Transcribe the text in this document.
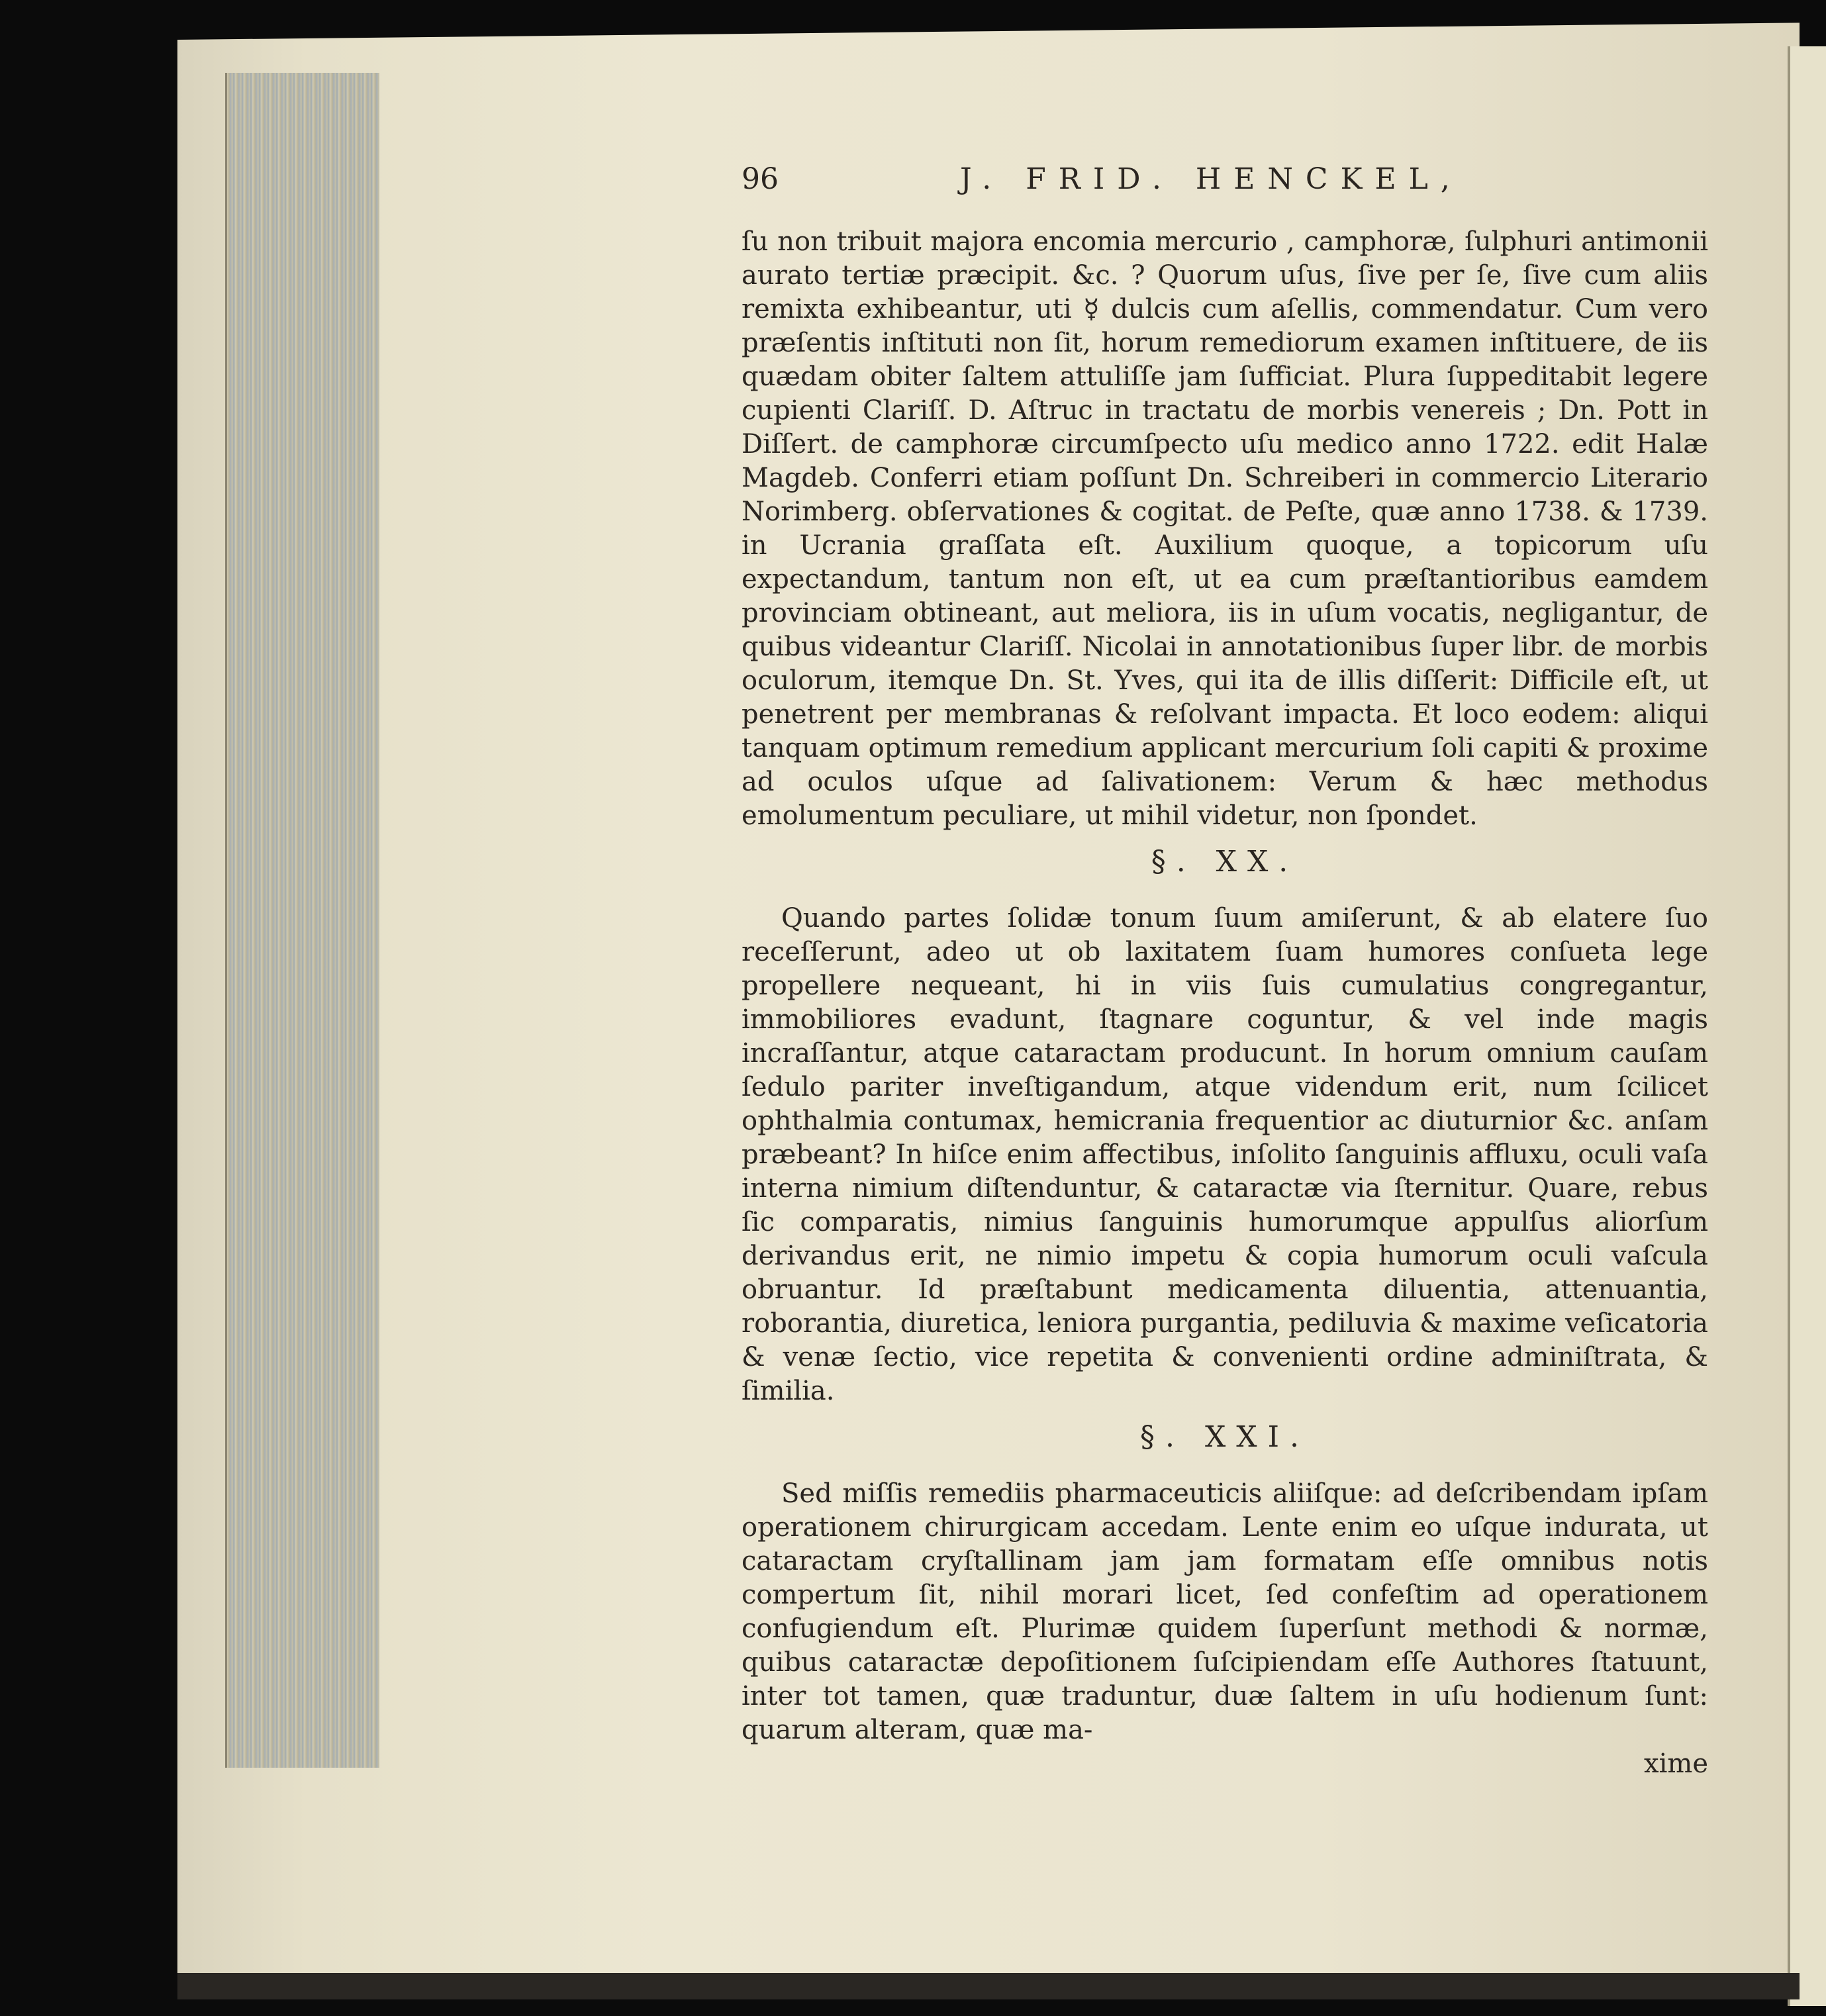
96	J. FRID. HENCKEL,

ſu non tribuit majora encomia mercurio , camphoræ, ſulphuri antimonii aurato tertiæ præcipit. &c. ? Quorum uſus, ſive per ſe, ſive cum aliis remixta exhibeantur, uti ☿ dulcis cum aſellis, commendatur. Cum vero præſentis inſtituti non ſit, horum remediorum examen inſtituere, de iis quædam obiter ſaltem attuliſſe jam ſufficiat. Plura ſuppeditabit legere cupienti Clariſſ. D. Aſtruc in tractatu de morbis venereis ; Dn. Pott in Diſſert. de camphoræ circumſpecto uſu medico anno 1722. edit Halæ Magdeb. Conferri etiam poſſunt Dn. Schreiberi in commercio Literario Norimberg. obſervationes & cogitat. de Peſte, quæ anno 1738. & 1739. in Ucrania graſſata eſt. Auxilium quoque, a topicorum uſu expectandum, tantum non eſt, ut ea cum præſtantioribus eamdem provinciam obtineant, aut meliora, iis in uſum vocatis, negligantur, de quibus videantur Clariſſ. Nicolai in annotationibus ſuper libr. de morbis oculorum, itemque Dn. St. Yves, qui ita de illis diſſerit: Difficile eſt, ut penetrent per membranas & reſolvant impacta. Et loco eodem: aliqui tanquam optimum remedium applicant mercurium ſoli capiti & proxime ad oculos uſque ad ſalivationem: Verum & hæc methodus emolumentum peculiare, ut mihil videtur, non ſpondet.

§. XX.

Quando partes ſolidæ tonum ſuum amiſerunt, & ab elatere ſuo receſſerunt, adeo ut ob laxitatem ſuam humores conſueta lege propellere nequeant, hi in viis ſuis cumulatius congregantur, immobiliores evadunt, ſtagnare coguntur, & vel inde magis incraſſantur, atque cataractam producunt. In horum omnium cauſam ſedulo pariter inveſtigandum, atque videndum erit, num ſcilicet ophthalmia contumax, hemicrania frequentior ac diuturnior &c. anſam præbeant? In hiſce enim affectibus, inſolito ſanguinis affluxu, oculi vaſa interna nimium diſtenduntur, & cataractæ via ſternitur. Quare, rebus ſic comparatis, nimius ſanguinis humorumque appulſus aliorſum derivandus erit, ne nimio impetu & copia humorum oculi vaſcula obruantur. Id præſtabunt medicamenta diluentia, attenuantia, roborantia, diuretica, leniora purgantia, pediluvia & maxime veſicatoria & venæ ſectio, vice repetita & convenienti ordine adminiſtrata, & ſimilia.

§. XXI.

Sed miſſis remediis pharmaceuticis aliiſque: ad deſcribendam ipſam operationem chirurgicam accedam. Lente enim eo uſque indurata, ut cataractam cryſtallinam jam jam formatam eſſe omnibus notis compertum ſit, nihil morari licet, ſed confeſtim ad operationem confugiendum eſt. Plurimæ quidem ſuperſunt methodi & normæ, quibus cataractæ depoſitionem ſuſcipiendam eſſe Authores ſtatuunt, inter tot tamen, quæ traduntur, duæ ſaltem in uſu hodienum ſunt: quarum alteram, quæ ma-

xime
